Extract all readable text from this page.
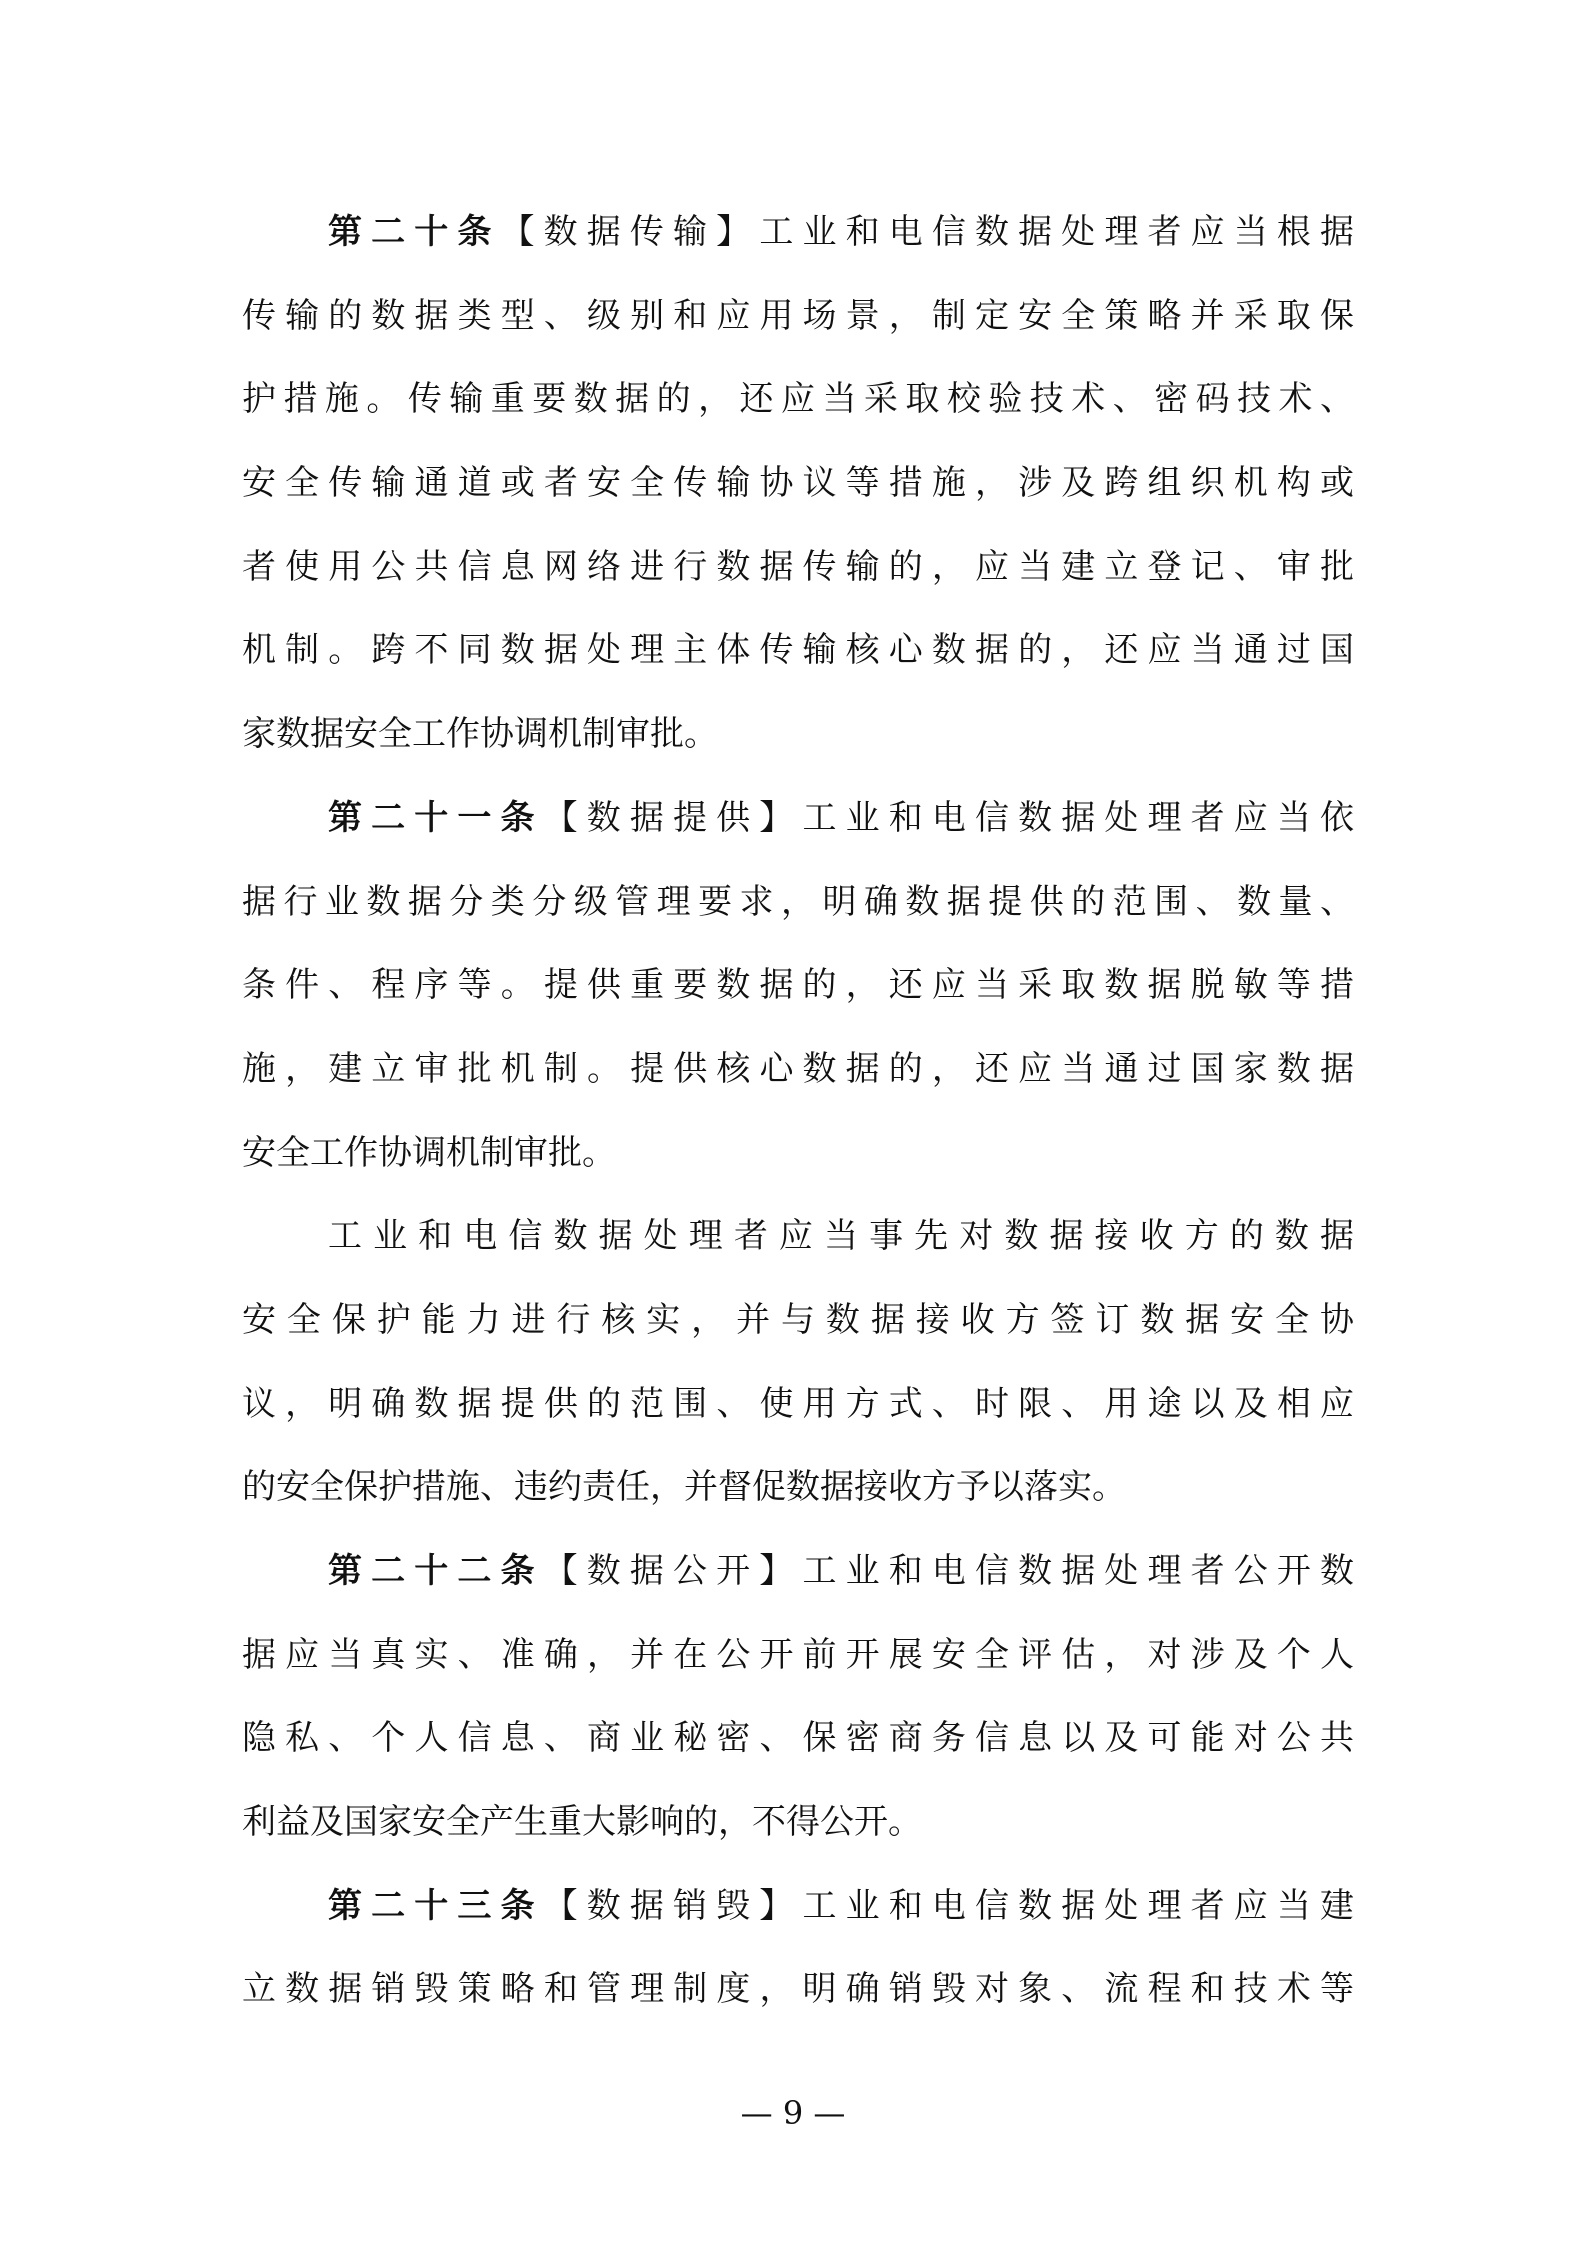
第二十条【数据传输】工业和电信数据处理者应当根据
传输的数据类型、级别和应用场景，制定安全策略并采取保
护措施。传输重要数据的，还应当采取校验技术、密码技术、
安全传输通道或者安全传输协议等措施，涉及跨组织机构或
者使用公共信息网络进行数据传输的，应当建立登记、审批
机制。跨不同数据处理主体传输核心数据的，还应当通过国
家数据安全工作协调机制审批。
第二十一条【数据提供】工业和电信数据处理者应当依
据行业数据分类分级管理要求，明确数据提供的范围、数量、
条件、程序等。提供重要数据的，还应当采取数据脱敏等措
施，建立审批机制。提供核心数据的，还应当通过国家数据
安全工作协调机制审批。
工业和电信数据处理者应当事先对数据接收方的数据
安全保护能力进行核实，并与数据接收方签订数据安全协
议，明确数据提供的范围、使用方式、时限、用途以及相应
的安全保护措施、违约责任，并督促数据接收方予以落实。
第二十二条【数据公开】工业和电信数据处理者公开数
据应当真实、准确，并在公开前开展安全评估，对涉及个人
隐私、个人信息、商业秘密、保密商务信息以及可能对公共
利益及国家安全产生重大影响的，不得公开。
第二十三条【数据销毁】工业和电信数据处理者应当建
立数据销毁策略和管理制度，明确销毁对象、流程和技术等
— 9 —
